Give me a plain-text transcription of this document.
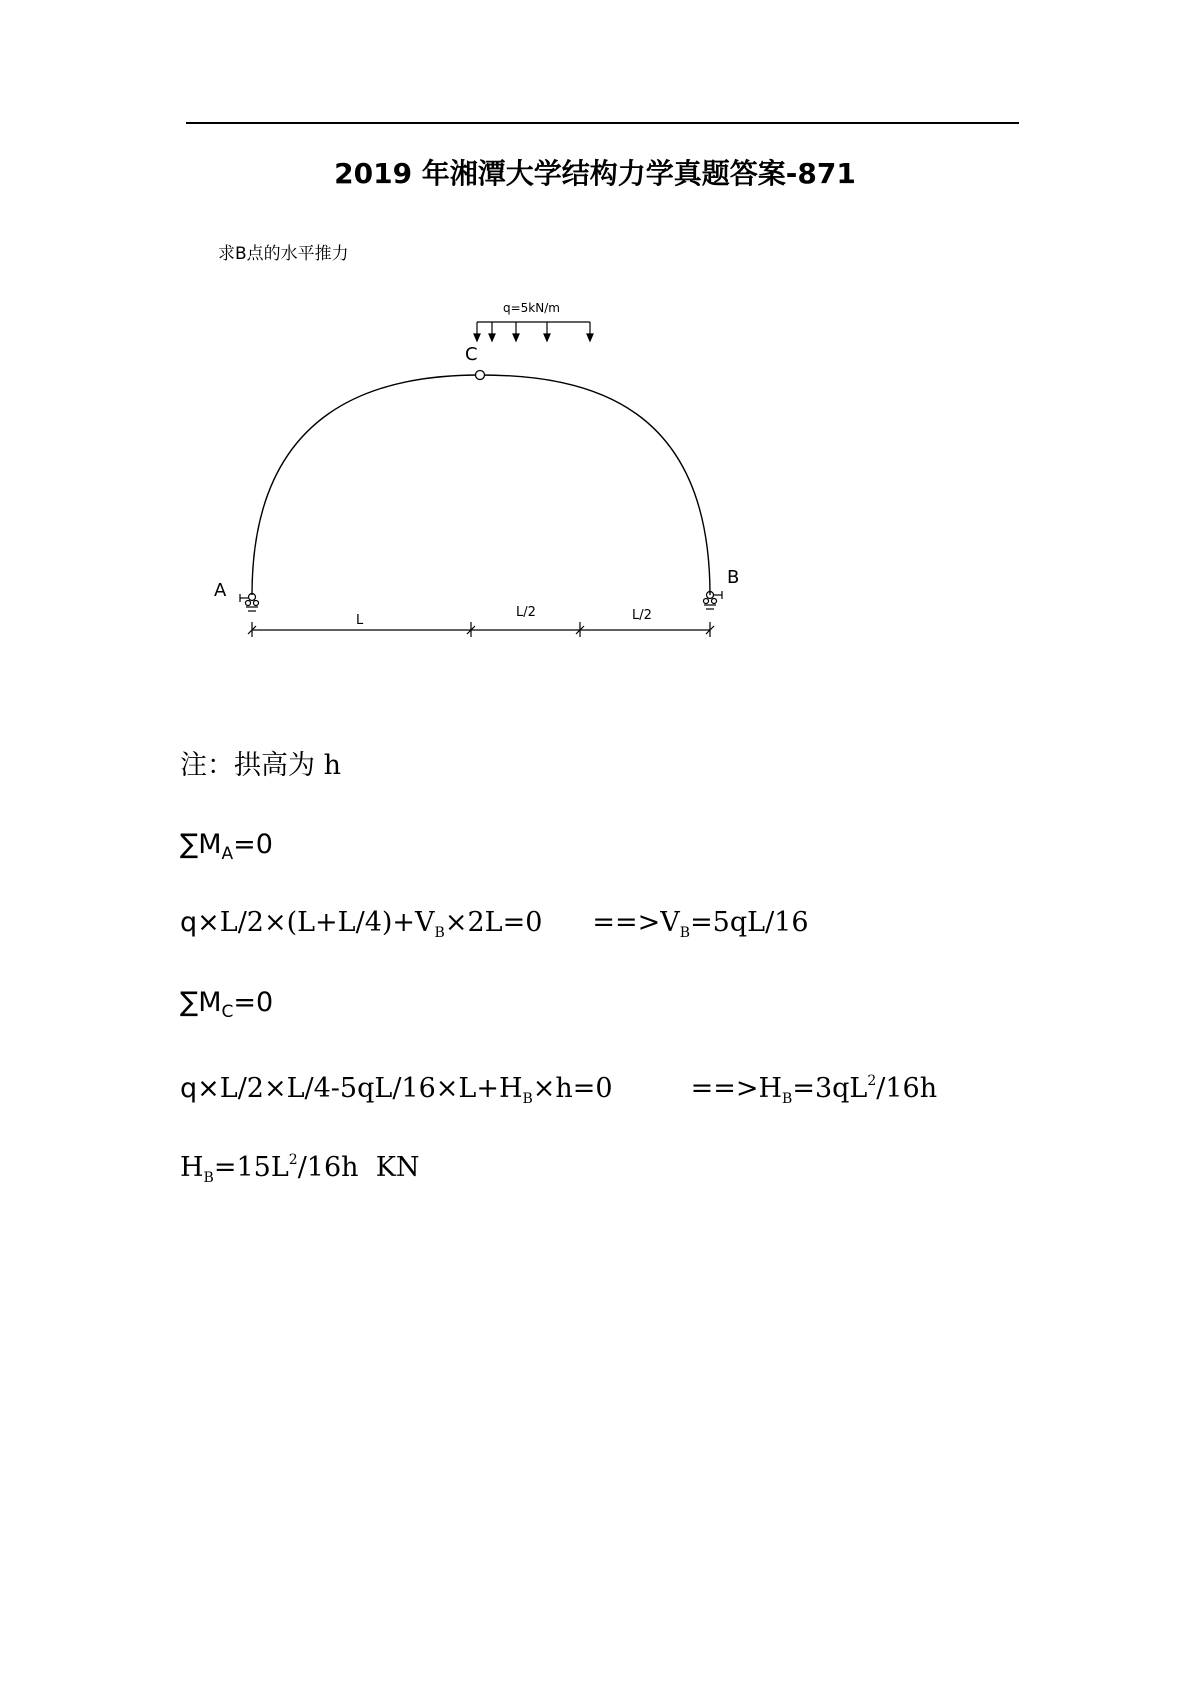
2019 年湘潭大学结构力学真题答案-871
求B点的水平推力
q=5kN/m
C
A
B
L
L/2	L/2
注：拱高为 h
$\sum M_A=0$
$q\times L/2\times(L+L/4)+V_B\times 2L=0 ==>V_B=5qL/16$
$\sum M_C=0$
$q\times L/2\times L/4-5qL/16\times L+H_B\times h=0$	$==>H_B=3qL^2/16h$
$H_B=15L^2/16h$  KN
